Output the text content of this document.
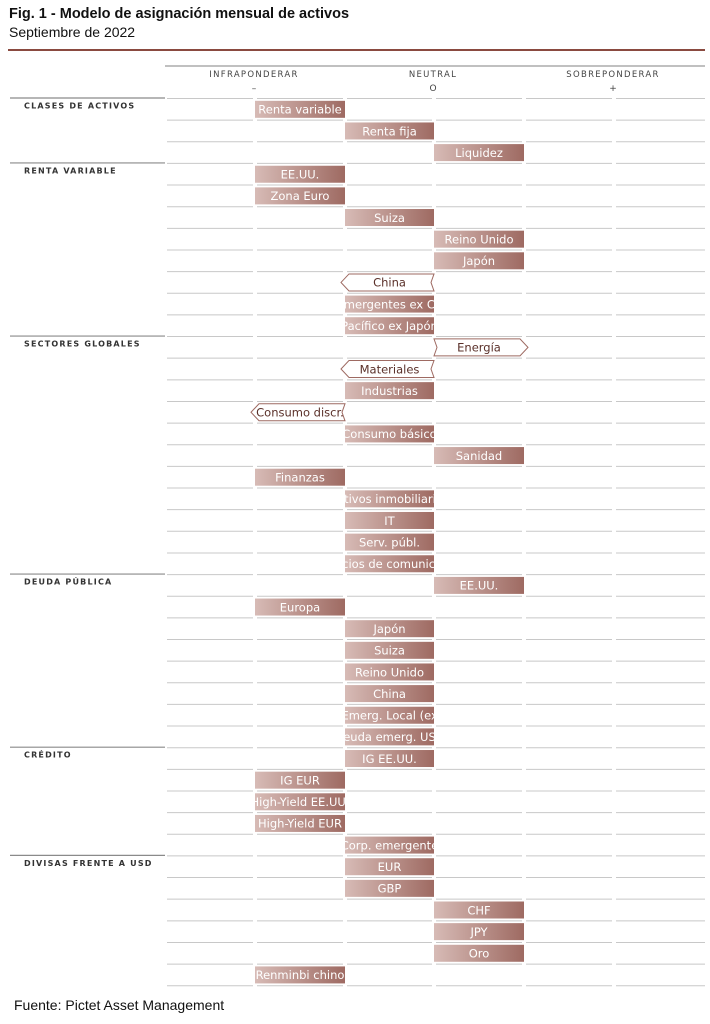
Fig. 1 - Modelo de asignación mensual de activos
Septiembre de 2022
INFRAPONDERAR
–
NEUTRAL
O
SOBREPONDERAR
+
CLASES DE ACTIVOS
RENTA VARIABLE
SECTORES GLOBALES
DEUDA PÚBLICA
CRÉDITO
DIVISAS FRENTE A USD
Renta variable
Renta fija
Liquidez
EE.UU.
Zona Euro
Suiza
Reino Unido
Japón
China
M. Emergentes ex China
Pacífico ex Japón
Energía
Materiales
Industrias
Consumo discr.
Consumo básico
Sanidad
Finanzas
Activos inmobiliarios
IT
Serv. públ.
Servicios de comunicación
EE.UU.
Europa
Japón
Suiza
Reino Unido
China
Deuda Emerg. Local (ex China)
Deuda emerg. USD
IG EE.UU.
IG EUR
High-Yield EE.UU.
High-Yield EUR
Corp. emergente
EUR
GBP
CHF
JPY
Oro
Renminbi chino
Fuente: Pictet Asset Management
